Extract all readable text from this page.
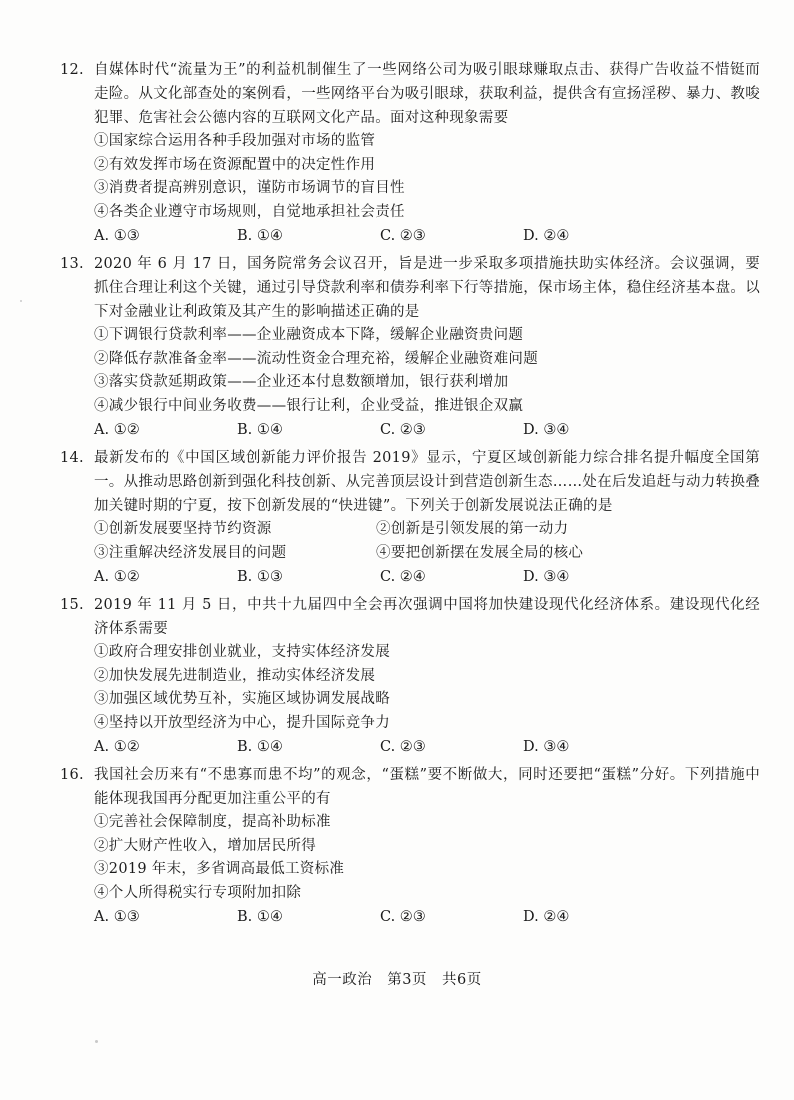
12. 自媒体时代“流量为王”的利益机制催生了一些网络公司为吸引眼球赚取点击、获得广告收益不惜铤而走险。从文化部查处的案例看，一些网络平台为吸引眼球，获取利益，提供含有宣扬淫秽、暴力、教唆犯罪、危害社会公德内容的互联网文化产品。面对这种现象需要
①国家综合运用各种手段加强对市场的监管
②有效发挥市场在资源配置中的决定性作用
③消费者提高辨别意识，谨防市场调节的盲目性
④各类企业遵守市场规则，自觉地承担社会责任
A. ①③	B. ①④	C. ②③	D. ②④
13. 2020 年 6 月 17 日，国务院常务会议召开，旨是进一步采取多项措施扶助实体经济。会议强调，要抓住合理让利这个关键，通过引导贷款利率和债券利率下行等措施，保市场主体，稳住经济基本盘。以下对金融业让利政策及其产生的影响描述正确的是
①下调银行贷款利率——企业融资成本下降，缓解企业融资贵问题
②降低存款准备金率——流动性资金合理充裕，缓解企业融资难问题
③落实贷款延期政策——企业还本付息数额增加，银行获利增加
④减少银行中间业务收费——银行让利，企业受益，推进银企双赢
A. ①②	B. ①④	C. ②③	D. ③④
14. 最新发布的《中国区域创新能力评价报告 2019》显示，宁夏区域创新能力综合排名提升幅度全国第一。从推动思路创新到强化科技创新、从完善顶层设计到营造创新生态……处在后发追赶与动力转换叠加关键时期的宁夏，按下创新发展的“快进键”。下列关于创新发展说法正确的是
①创新发展要坚持节约资源	②创新是引领发展的第一动力
③注重解决经济发展目的问题	④要把创新摆在发展全局的核心
A. ①②	B. ①③	C. ②④	D. ③④
15. 2019 年 11 月 5 日，中共十九届四中全会再次强调中国将加快建设现代化经济体系。建设现代化经济体系需要
①政府合理安排创业就业，支持实体经济发展
②加快发展先进制造业，推动实体经济发展
③加强区域优势互补，实施区域协调发展战略
④坚持以开放型经济为中心，提升国际竞争力
A. ①②	B. ①④	C. ②③	D. ③④
16. 我国社会历来有“不患寡而患不均”的观念，“蛋糕”要不断做大，同时还要把“蛋糕”分好。下列措施中能体现我国再分配更加注重公平的有
①完善社会保障制度，提高补助标准
②扩大财产性收入，增加居民所得
③2019 年末，多省调高最低工资标准
④个人所得税实行专项附加扣除
A. ①③	B. ①④	C. ②③	D. ②④
高一政治　第3页　共6页
